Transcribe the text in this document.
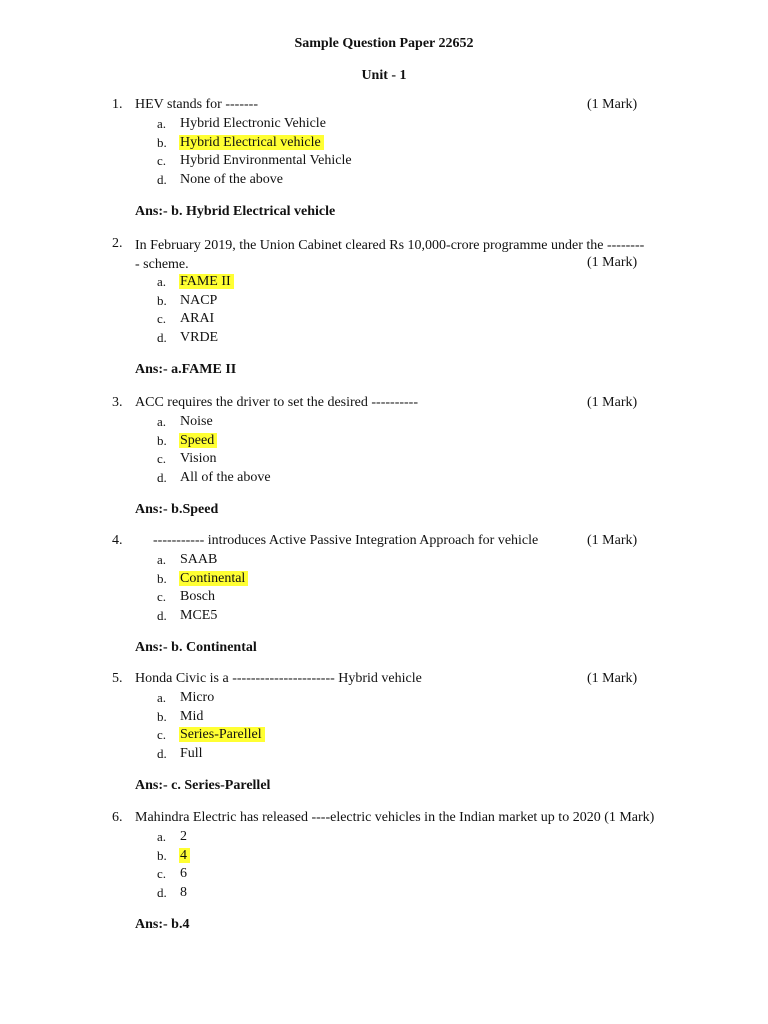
Sample Question Paper 22652
Unit - 1
1. HEV stands for -------	(1 Mark)
a. Hybrid Electronic Vehicle
b. Hybrid Electrical vehicle
c. Hybrid Environmental Vehicle
d. None of the above
Ans:- b. Hybrid Electrical vehicle
2. In February 2019, the Union Cabinet cleared Rs 10,000-crore programme under the --------- scheme.	(1 Mark)
a. FAME II
b. NACP
c. ARAI
d. VRDE
Ans:- a.FAME II
3. ACC requires the driver to set the desired ----------	(1 Mark)
a. Noise
b. Speed
c. Vision
d. All of the above
Ans:- b.Speed
4. ----------- introduces Active Passive Integration Approach for vehicle	(1 Mark)
a. SAAB
b. Continental
c. Bosch
d. MCE5
Ans:- b. Continental
5. Honda Civic is a ---------------------- Hybrid vehicle	(1 Mark)
a. Micro
b. Mid
c. Series-Parellel
d. Full
Ans:- c. Series-Parellel
6. Mahindra Electric has released ----electric vehicles in the Indian market up to 2020 (1 Mark)
a. 2
b. 4
c. 6
d. 8
Ans:- b.4
